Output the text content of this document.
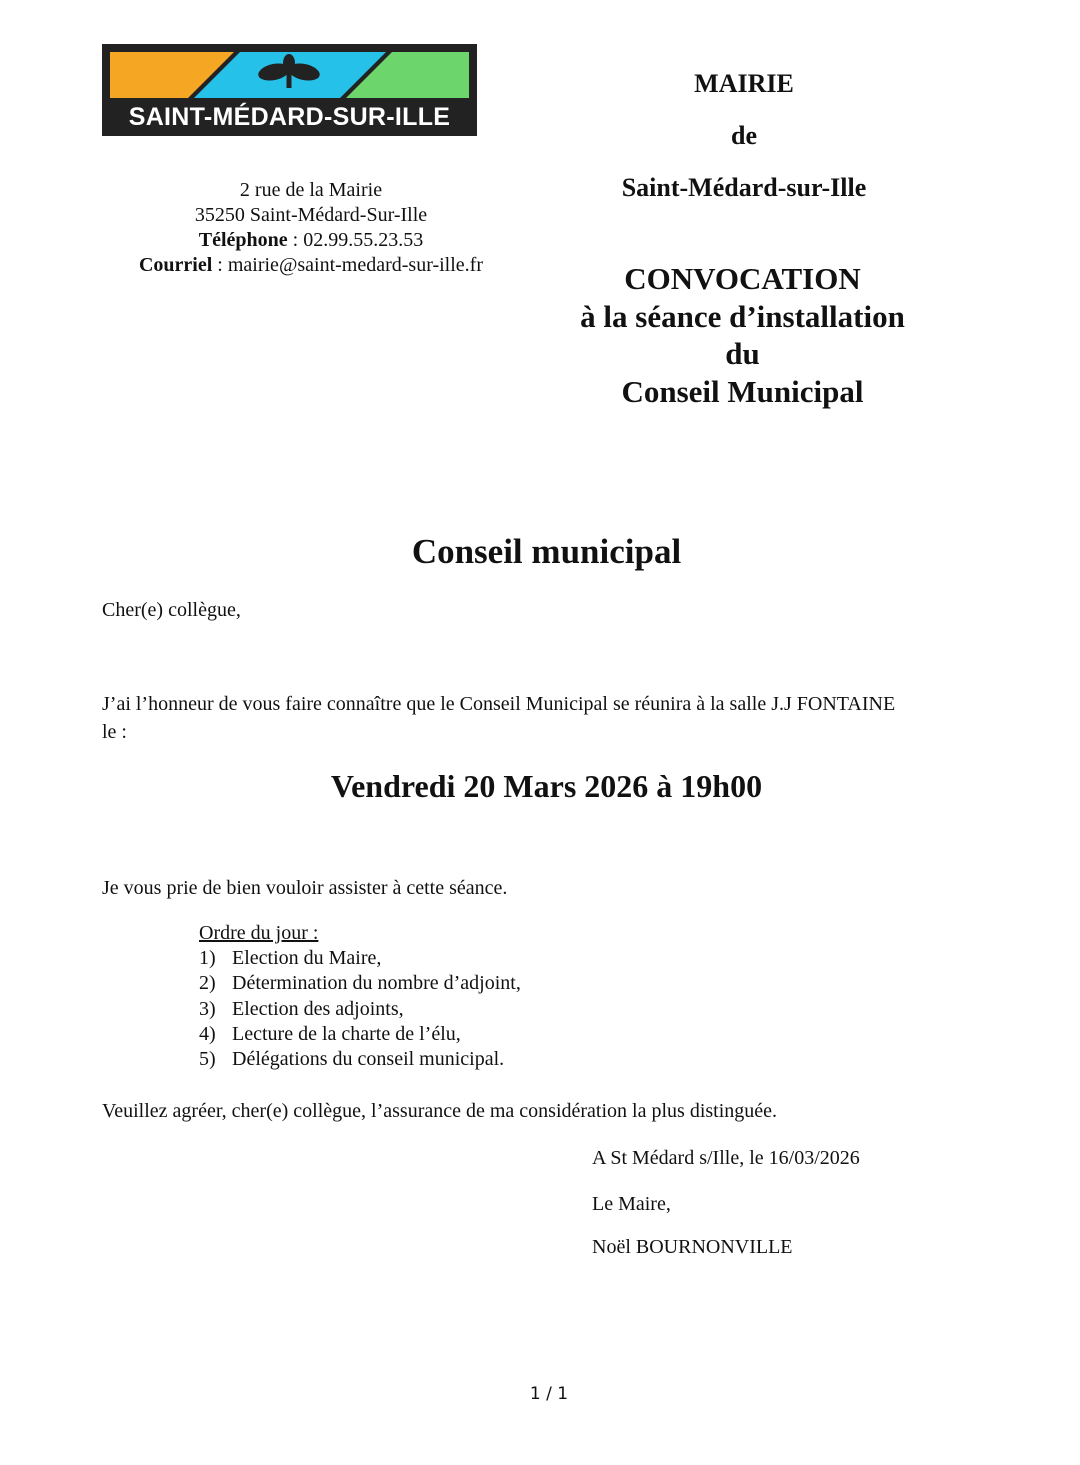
SAINT-MÉDARD-SUR-ILLE
2 rue de la Mairie
35250 Saint-Médard-Sur-Ille
Téléphone : 02.99.55.23.53
Courriel : mairie@saint-medard-sur-ille.fr
MAIRIE
de
Saint-Médard-sur-Ille
CONVOCATION
à la séance d’installation
du
Conseil Municipal
Conseil municipal
Cher(e) collègue,
J’ai l’honneur de vous faire connaître que le Conseil Municipal se réunira à la salle J.J FONTAINE
le :
Vendredi 20 Mars 2026 à 19h00
Je vous prie de bien vouloir assister à cette séance.
Ordre du jour :
1) Election du Maire,
2) Détermination du nombre d’adjoint,
3) Election des adjoints,
4) Lecture de la charte de l’élu,
5) Délégations du conseil municipal.
Veuillez agréer, cher(e) collègue, l’assurance de ma considération la plus distinguée.
A St Médard s/Ille, le 16/03/2026
Le Maire,
Noël BOURNONVILLE
1 / 1
